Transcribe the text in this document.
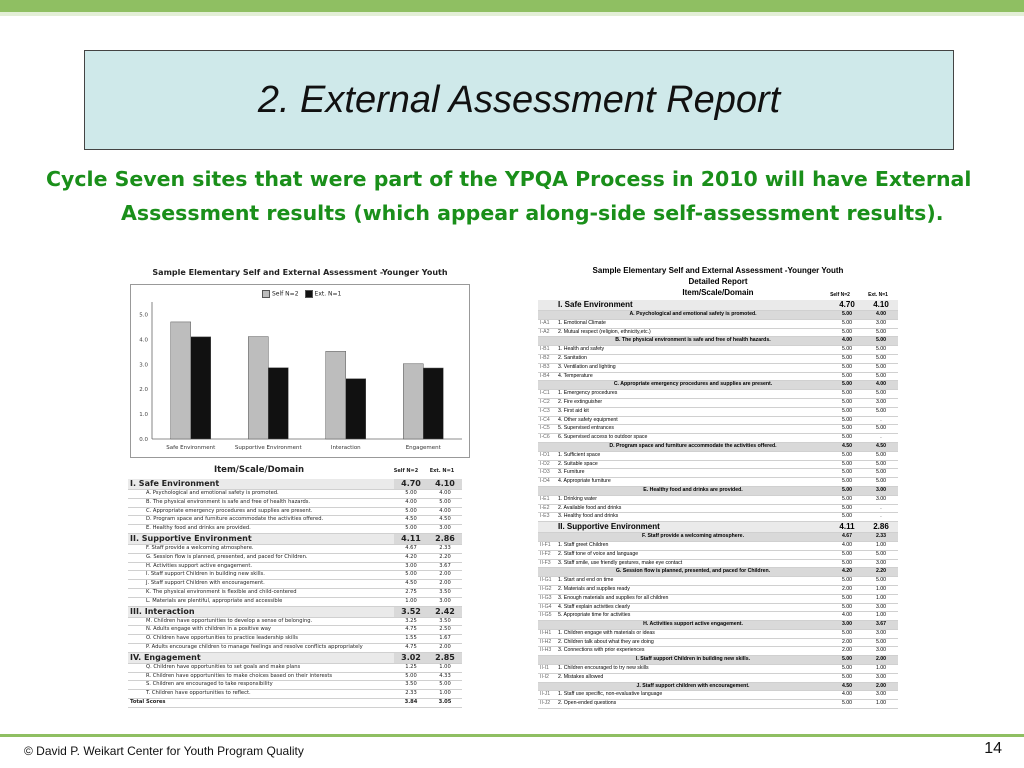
2. External Assessment Report
Cycle Seven sites that were part of the YPQA Process in 2010 will have External
Assessment results (which appear along-side self-assessment results).
Sample Elementary Self and External Assessment -Younger Youth
Self N=2	Ext. N=1
5.0
4.0
3.0
2.0
1.0
0.0
Safe Environment	Supportive Environment	Interaction	Engagement
Item/Scale/Domain	Self N=2	Ext. N=1
I. Safe Environment	4.70	4.10
A. Psychological and emotional safety is promoted.	5.00	4.00
B. The physical environment is safe and free of health hazards.	4.00	5.00
C. Appropriate emergency procedures and supplies are present.	5.00	4.00
D. Program space and furniture accommodate the activities offered.	4.50	4.50
E. Healthy food and drinks are provided.	5.00	3.00
II. Supportive Environment	4.11	2.86
F. Staff provide a welcoming atmosphere.	4.67	2.33
G. Session flow is planned, presented, and paced for Children.	4.20	2.20
H. Activities support active engagement.	3.00	3.67
I. Staff support Children in building new skills.	5.00	2.00
J. Staff support Children with encouragement.	4.50	2.00
K. The physical environment is flexible and child-centered	2.75	3.50
L. Materials are plentiful, appropriate and accessible	1.00	3.00
III. Interaction	3.52	2.42
M. Children have opportunities to develop a sense of belonging.	3.25	3.50
N. Adults engage with children in a positive way	4.75	2.50
O. Children have opportunities to practice leadership skills	1.55	1.67
P. Adults encourage children to manage feelings and resolve conflicts appropriately	4.75	2.00
IV. Engagement	3.02	2.85
Q. Children have opportunities to set goals and make plans	1.25	1.00
R. Children have opportunities to make choices based on their interests	5.00	4.33
S. Children are encouraged to take responsibility	3.50	5.00
T. Children have opportunities to reflect.	2.33	1.00
Total Scores	3.84	3.05
Sample Elementary Self and External Assessment -Younger Youth
Detailed Report
Item/Scale/Domain	Self N=2	Ext. N=1
	I. Safe Environment	4.70	4.10
	A. Psychological and emotional safety is promoted.	5.00	4.00
I-A1	1. Emotional Climate	5.00	3.00
I-A2	2. Mutual respect (religion, ethnicity,etc.)	5.00	5.00
	B. The physical environment is safe and free of health hazards.	4.00	5.00
I-B1	1. Health and safety	5.00	5.00
I-B2	2. Sanitation	5.00	5.00
I-B3	3. Ventilation and lighting	5.00	5.00
I-B4	4. Temperature	5.00	5.00
	C. Appropriate emergency procedures and supplies are present.	5.00	4.00
I-C1	1. Emergency procedures	5.00	5.00
I-C2	2. Fire extinguisher	5.00	3.00
I-C3	3. First aid kit	5.00	5.00
I-C4	4. Other safety equipment	5.00	.
I-C5	5. Supervised entrances	5.00	5.00
I-C6	6. Supervised access to outdoor space	5.00	.
	D. Program space and furniture accommodate the activities offered.	4.50	4.50
I-D1	1. Sufficient space	5.00	5.00
I-D2	2. Suitable space	5.00	5.00
I-D3	3. Furniture	5.00	5.00
I-D4	4. Appropriate furniture	5.00	5.00
	E. Healthy food and drinks are provided.	5.00	3.00
I-E1	1. Drinking water	5.00	3.00
I-E2	2. Available food and drinks	5.00	.
I-E3	3. Healthy food and drinks	5.00	.
	II. Supportive Environment	4.11	2.86
	F. Staff provide a welcoming atmosphere.	4.67	2.33
II-F1	1. Staff greet Children	4.00	1.00
II-F2	2. Staff tone of voice and language	5.00	5.00
II-F3	3. Staff smile, use friendly gestures, make eye contact	5.00	3.00
	G. Session flow is planned, presented, and paced for Children.	4.20	2.20
II-G1	1. Start and end on time	5.00	5.00
II-G2	2. Materials and supplies ready	2.00	1.00
II-G3	3. Enough materials and supplies for all children	5.00	1.00
II-G4	4. Staff explain activities clearly	5.00	3.00
II-G5	5. Appropriate time for activities	4.00	1.00
	H. Activities support active engagement.	3.00	3.67
II-H1	1. Children engage with materials or ideas	5.00	3.00
II-H2	2. Children talk about what they are doing	2.00	5.00
II-H3	3. Connections with prior experiences	2.00	3.00
	I. Staff support Children in building new skills.	5.00	2.00
II-I1	1. Children encouraged to try new skills	5.00	1.00
II-I2	2. Mistakes allowed	5.00	3.00
	J. Staff support children with encouragement.	4.50	2.00
II-J1	1. Staff use specific, non-evaluative language	4.00	3.00
II-J2	2. Open-ended questions	5.00	1.00
© David P. Weikart Center for Youth Program Quality	14
